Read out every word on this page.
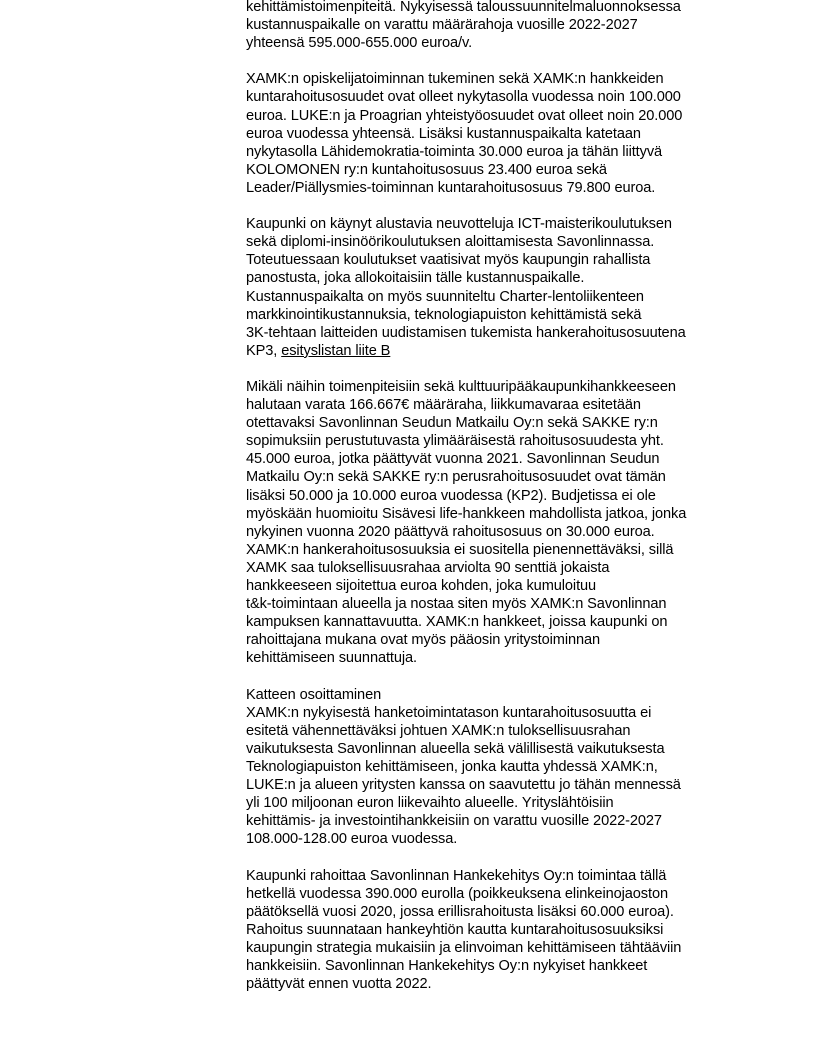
kehittämistoimenpiteitä. Nykyisessä taloussuunnitelmaluonnoksessa
kustannuspaikalle on varattu määrärahoja vuosille 2022-2027
yhteensä 595.000-655.000 euroa/v.

XAMK:n opiskelijatoiminnan tukeminen sekä XAMK:n hankkeiden
kuntarahoitusosuudet ovat olleet nykytasolla vuodessa noin 100.000
euroa. LUKE:n ja Proagrian yhteistyöosuudet ovat olleet noin 20.000
euroa vuodessa yhteensä. Lisäksi kustannuspaikalta katetaan
nykytasolla Lähidemokratia-toiminta 30.000 euroa ja tähän liittyvä
KOLOMONEN ry:n kuntahoitusosuus 23.400 euroa sekä
Leader/Piällysmies-toiminnan kuntarahoitusosuus 79.800 euroa.

Kaupunki on käynyt alustavia neuvotteluja ICT-maisterikoulutuksen
sekä diplomi-insinöörikoulutuksen aloittamisesta Savonlinnassa.
Toteutuessaan koulutukset vaatisivat myös kaupungin rahallista
panostusta, joka allokoitaisiin tälle kustannuspaikalle.
Kustannuspaikalta on myös suunniteltu Charter-lentoliikenteen
markkinointikustannuksia, teknologiapuiston kehittämistä sekä
3K-tehtaan laitteiden uudistamisen tukemista hankerahoitusosuutena
KP3, esityslistan liite B

Mikäli näihin toimenpiteisiin sekä kulttuuripääkaupunkihankkeeseen
halutaan varata 166.667€ määräraha, liikkumavaraa esitetään
otettavaksi Savonlinnan Seudun Matkailu Oy:n sekä SAKKE ry:n
sopimuksiin perustutuvasta ylimääräisestä rahoitusosuudesta yht.
45.000 euroa, jotka päättyvät vuonna 2021. Savonlinnan Seudun
Matkailu Oy:n sekä SAKKE ry:n perusrahoitusosuudet ovat tämän
lisäksi 50.000 ja 10.000 euroa vuodessa (KP2). Budjetissa ei ole
myöskään huomioitu Sisävesi life-hankkeen mahdollista jatkoa, jonka
nykyinen vuonna 2020 päättyvä rahoitusosuus on 30.000 euroa.
XAMK:n hankerahoitusosuuksia ei suositella pienennettäväksi, sillä
XAMK saa tuloksellisuusrahaa arviolta 90 senttiä jokaista
hankkeeseen sijoitettua euroa kohden, joka kumuloituu
t&k-toimintaan alueella ja nostaa siten myös XAMK:n Savonlinnan
kampuksen kannattavuutta. XAMK:n hankkeet, joissa kaupunki on
rahoittajana mukana ovat myös pääosin yritystoiminnan
kehittämiseen suunnattuja.

Katteen osoittaminen
XAMK:n nykyisestä hanketoimintatason kuntarahoitusosuutta ei
esitetä vähennettäväksi johtuen XAMK:n tuloksellisuusrahan
vaikutuksesta Savonlinnan alueella sekä välillisestä vaikutuksesta
Teknologiapuiston kehittämiseen, jonka kautta yhdessä XAMK:n,
LUKE:n ja alueen yritysten kanssa on saavutettu jo tähän mennessä
yli 100 miljoonan euron liikevaihto alueelle. Yrityslähtöisiin
kehittämis- ja investointihankkeisiin on varattu vuosille 2022-2027
108.000-128.00 euroa vuodessa.

Kaupunki rahoittaa Savonlinnan Hankekehitys Oy:n toimintaa tällä
hetkellä vuodessa 390.000 eurolla (poikkeuksena elinkeinojaoston
päätöksellä vuosi 2020, jossa erillisrahoitusta lisäksi 60.000 euroa).
Rahoitus suunnataan hankeyhtiön kautta kuntarahoitusosuuksiksi
kaupungin strategia mukaisiin ja elinvoiman kehittämiseen tähtääviin
hankkeisiin. Savonlinnan Hankekehitys Oy:n nykyiset hankkeet
päättyvät ennen vuotta 2022.
